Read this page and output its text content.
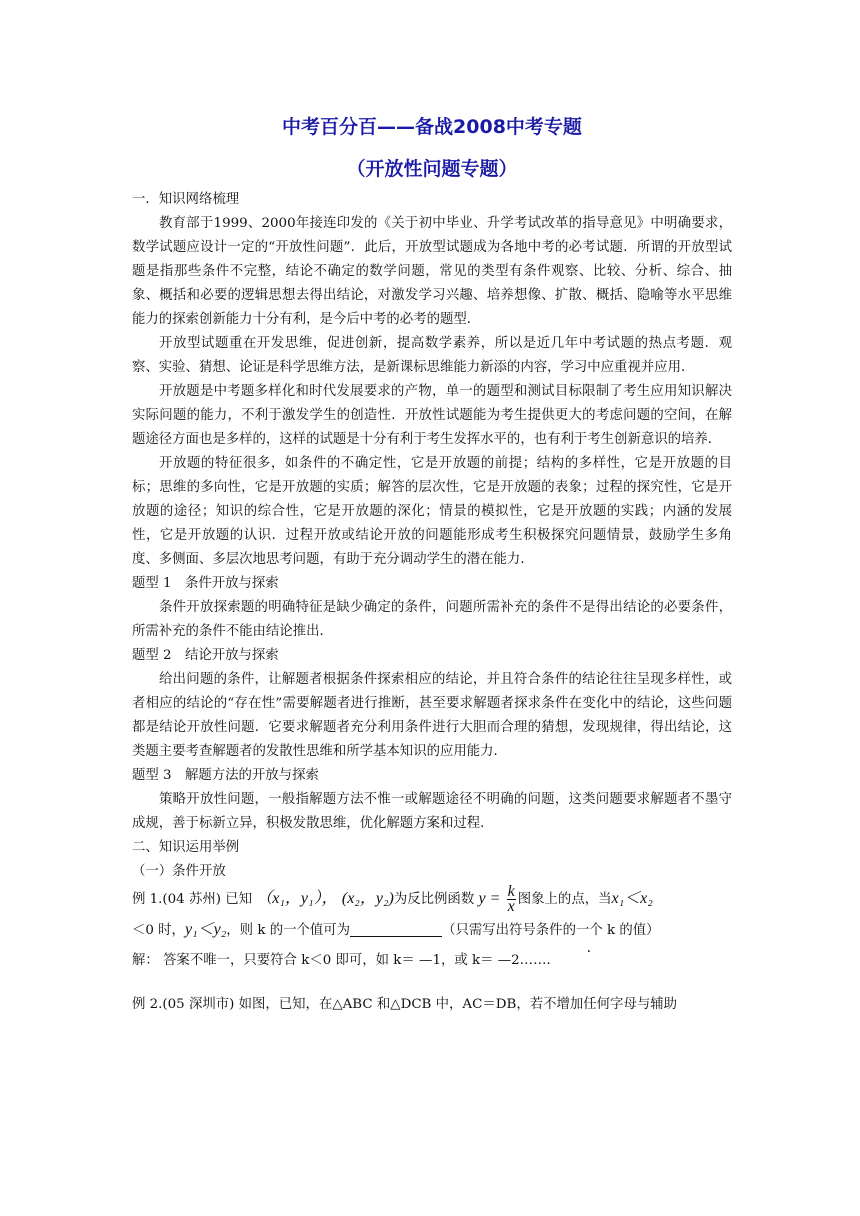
中考百分百——备战2008中考专题
（开放性问题专题）

一．知识网络梳理

教育部于1999、2000年接连印发的《关于初中毕业、升学考试改革的指导意见》中明确要求，数学试题应设计一定的“开放性问题”．此后，开放型试题成为各地中考的必考试题．所谓的开放型试题是指那些条件不完整，结论不确定的数学问题，常见的类型有条件观察、比较、分析、综合、抽象、概括和必要的逻辑思想去得出结论，对激发学习兴趣、培养想像、扩散、概括、隐喻等水平思维能力的探索创新能力十分有利，是今后中考的必考的题型．

开放型试题重在开发思维，促进创新，提高数学素养，所以是近几年中考试题的热点考题．观察、实验、猜想、论证是科学思维方法，是新课标思维能力新添的内容，学习中应重视并应用．

开放题是中考题多样化和时代发展要求的产物，单一的题型和测试目标限制了考生应用知识解决实际问题的能力，不利于激发学生的创造性．开放性试题能为考生提供更大的考虑问题的空间，在解题途径方面也是多样的，这样的试题是十分有利于考生发挥水平的，也有利于考生创新意识的培养．

开放题的特征很多，如条件的不确定性，它是开放题的前提；结构的多样性，它是开放题的目标；思维的多向性，它是开放题的实质；解答的层次性，它是开放题的表象；过程的探究性，它是开放题的途径；知识的综合性，它是开放题的深化；情景的模拟性，它是开放题的实践；内涵的发展性，它是开放题的认识．过程开放或结论开放的问题能形成考生积极探究问题情景，鼓励学生多角度、多侧面、多层次地思考问题，有助于充分调动学生的潜在能力．

题型 1　条件开放与探索

条件开放探索题的明确特征是缺少确定的条件，问题所需补充的条件不是得出结论的必要条件，所需补充的条件不能由结论推出．

题型 2　结论开放与探索

给出问题的条件，让解题者根据条件探索相应的结论，并且符合条件的结论往往呈现多样性，或者相应的结论的“存在性”需要解题者进行推断，甚至要求解题者探求条件在变化中的结论，这些问题都是结论开放性问题．它要求解题者充分利用条件进行大胆而合理的猜想，发现规律，得出结论，这类题主要考查解题者的发散性思维和所学基本知识的应用能力．

题型 3　解题方法的开放与探索

策略开放性问题，一般指解题方法不惟一或解题途径不明确的问题，这类问题要求解题者不墨守成规，善于标新立异，积极发散思维，优化解题方案和过程．

二、知识运用举例

（一）条件开放

例 1.(04 苏州) 已知 （x₁，y₁）， (x₂，y₂)为反比例函数 $y = \frac{k}{x}$ 图象上的点，当x₁＜x₂

＜0 时，y₁＜y₂，则 k 的一个值可为	（只需写出符号条件的一个 k 的值）

解： 答案不唯一，只要符合 k＜0 即可，如 k＝ —1，或 k＝ —2……．

例 2.(05 深圳市) 如图，已知，在△ABC 和△DCB 中，AC＝DB，若不增加任何字母与辅助
